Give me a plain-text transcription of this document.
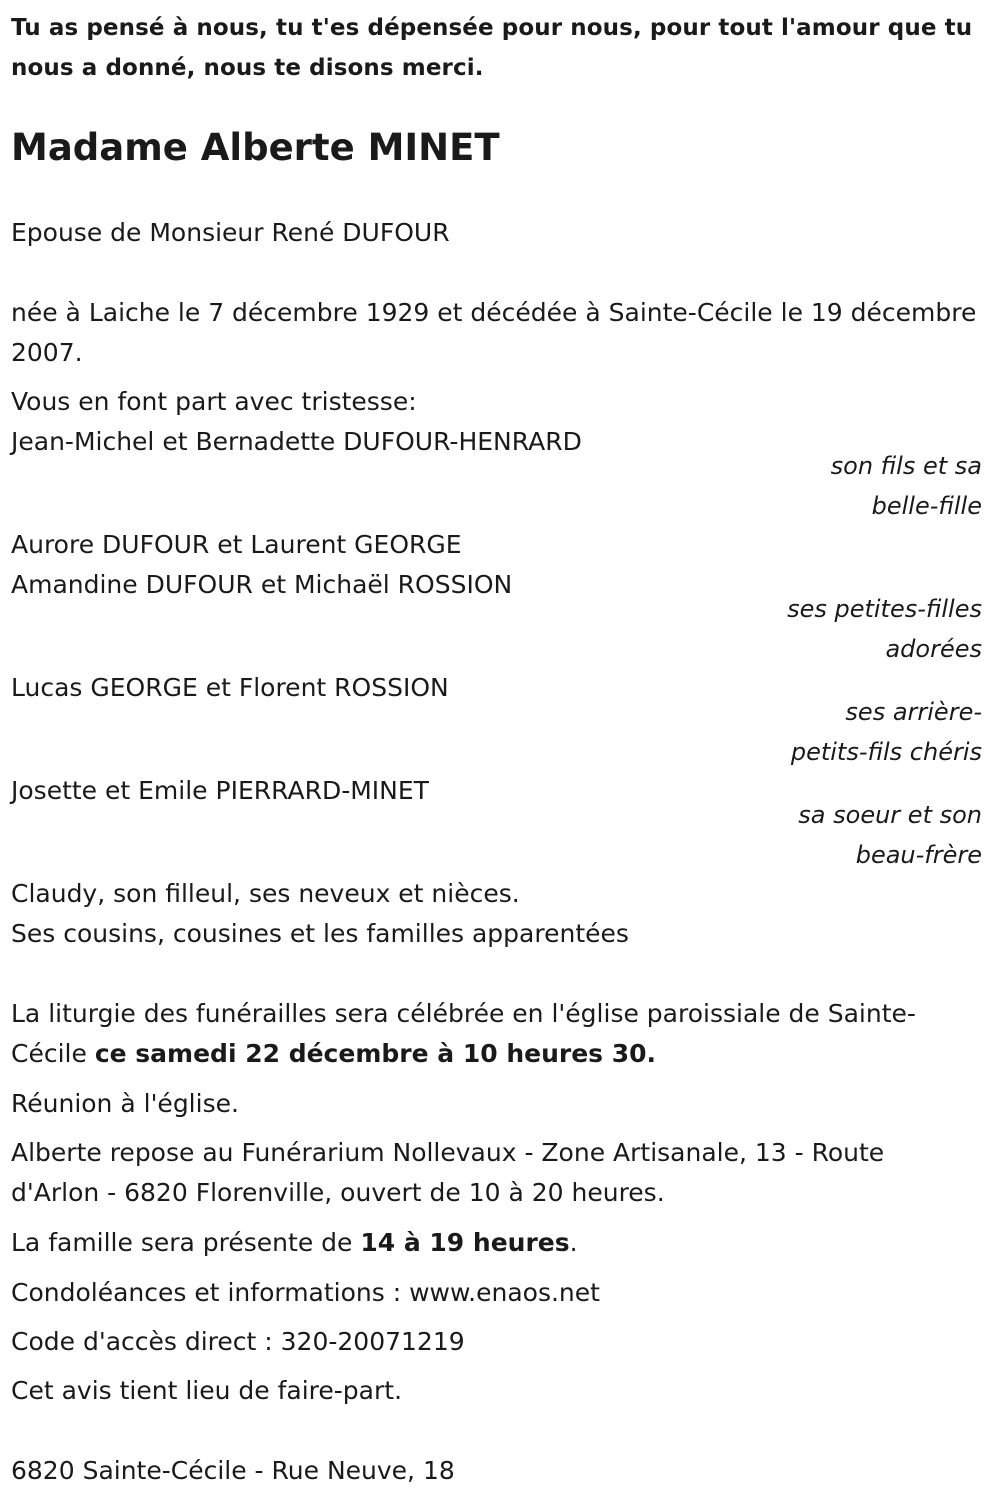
Tu as pensé à nous, tu t'es dépensée pour nous, pour tout l'amour que tu nous a donné, nous te disons merci.

Madame Alberte MINET

Epouse de Monsieur René DUFOUR

née à Laiche le 7 décembre 1929 et décédée à Sainte-Cécile le 19 décembre 2007.

Vous en font part avec tristesse:

Jean-Michel et Bernadette DUFOUR-HENRARD

son fils et sa

belle-fille

Aurore DUFOUR et Laurent GEORGE

Amandine DUFOUR et Michaël ROSSION

ses petites-filles

adorées

Lucas GEORGE et Florent ROSSION

ses arrière-

petits-fils chéris

Josette et Emile PIERRARD-MINET

sa soeur et son

beau-frère

Claudy, son filleul, ses neveux et nièces.

Ses cousins, cousines et les familles apparentées

La liturgie des funérailles sera célébrée en l'église paroissiale de Sainte-

Cécile ce samedi 22 décembre à 10 heures 30.

Réunion à l'église.

Alberte repose au Funérarium Nollevaux - Zone Artisanale, 13 - Route

d'Arlon - 6820 Florenville, ouvert de 10 à 20 heures.

La famille sera présente de 14 à 19 heures.

Condoléances et informations : www.enaos.net

Code d'accès direct : 320-20071219

Cet avis tient lieu de faire-part.

6820 Sainte-Cécile - Rue Neuve, 18
